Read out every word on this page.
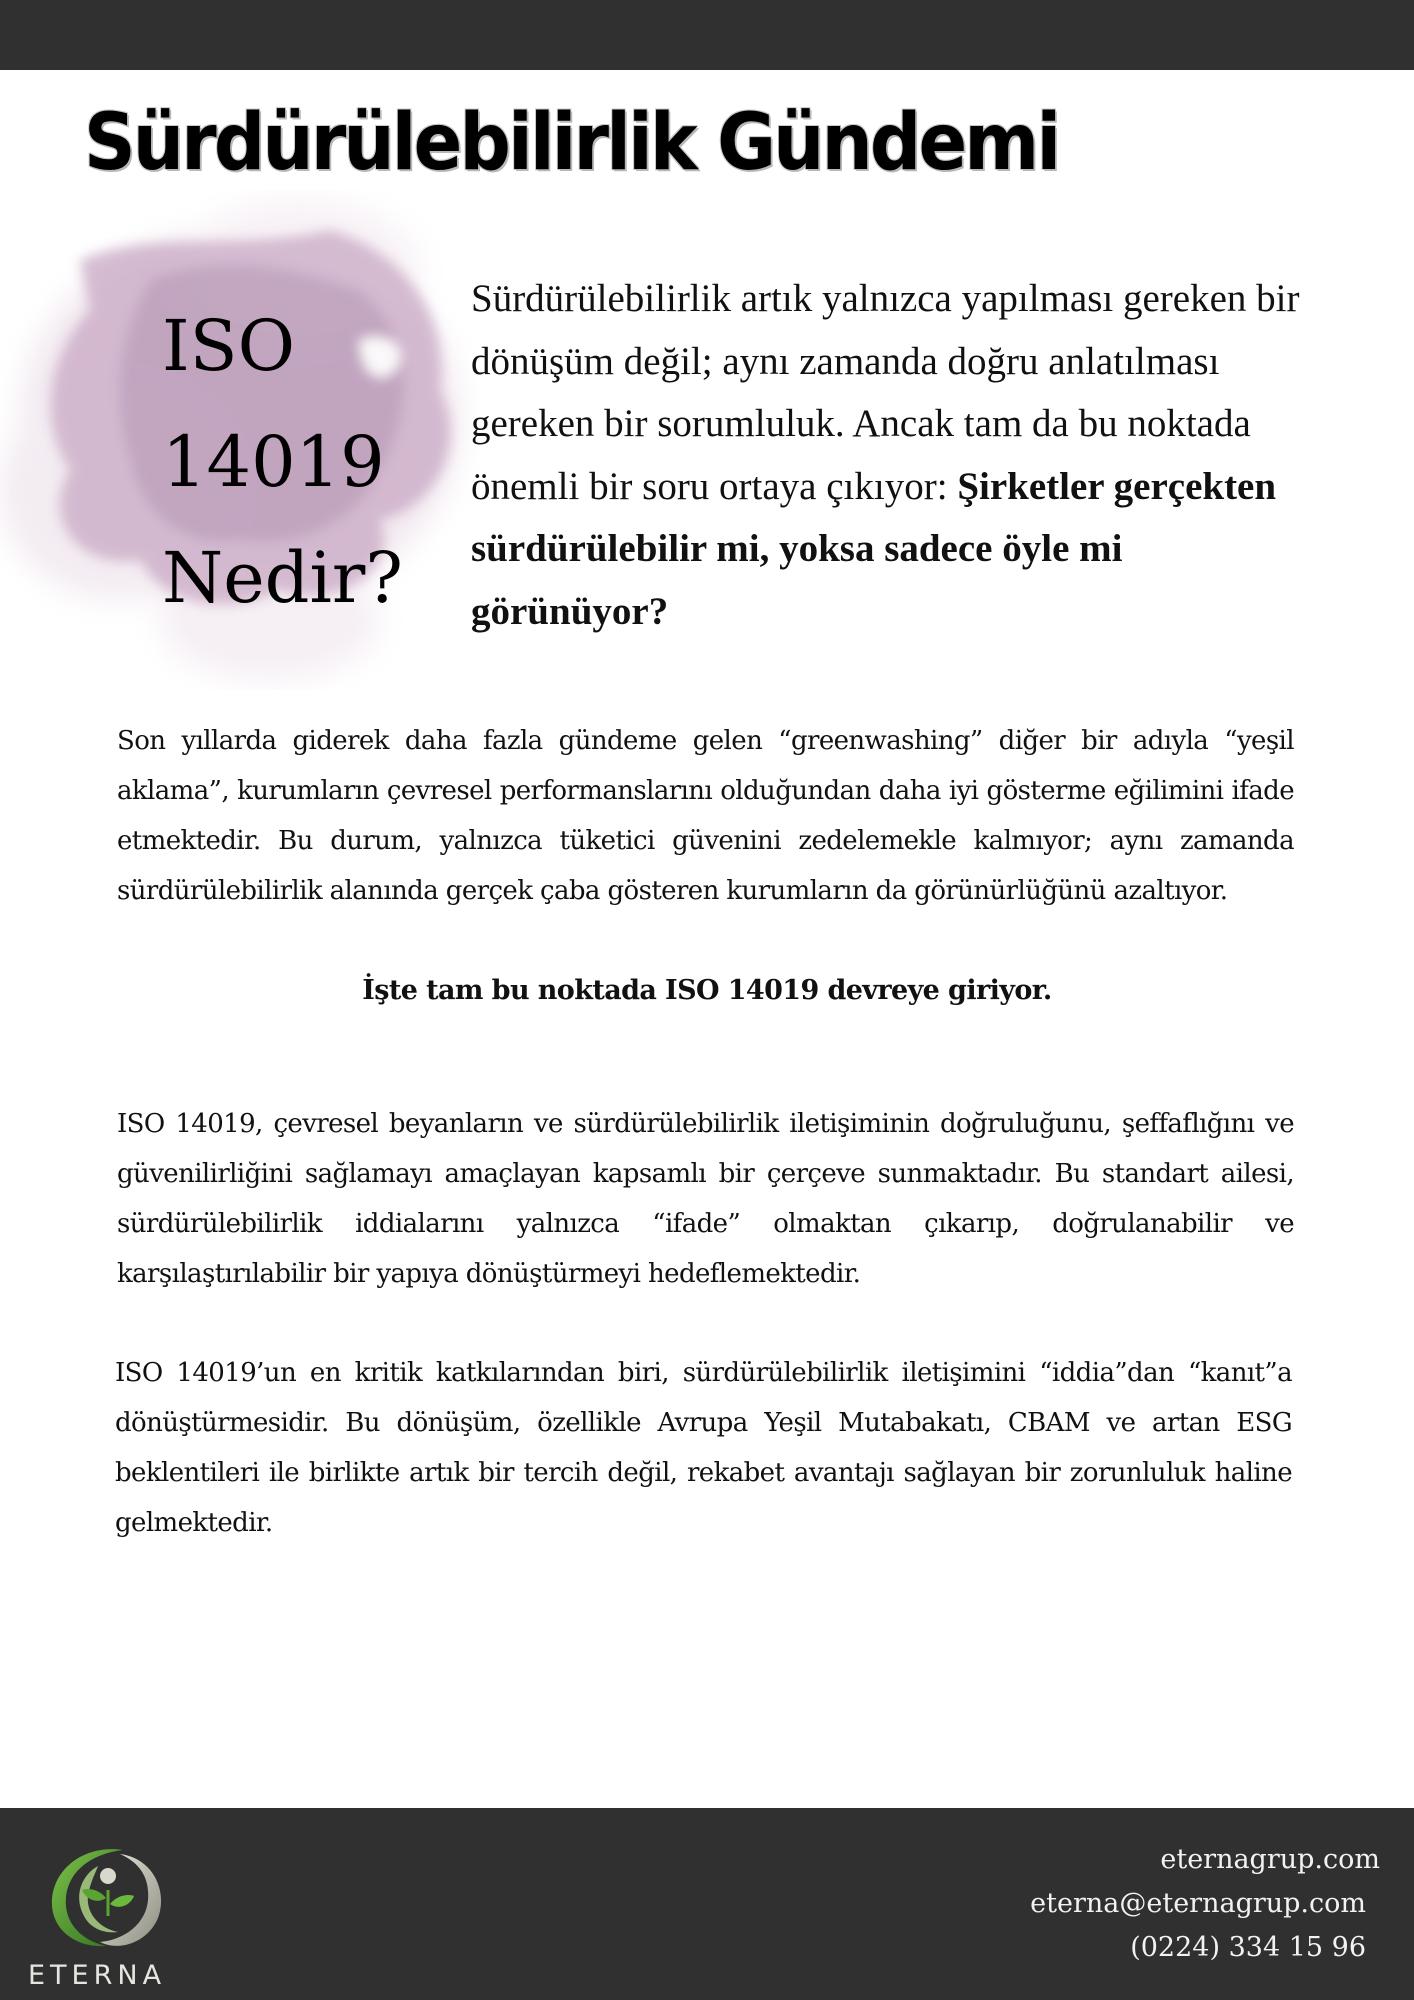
Sürdürülebilirlik Gündemi
ISO
14019
Nedir?
Sürdürülebilirlik artık yalnızca yapılması gereken bir dönüşüm değil; aynı zamanda doğru anlatılması gereken bir sorumluluk. Ancak tam da bu noktada önemli bir soru ortaya çıkıyor: Şirketler gerçekten sürdürülebilir mi, yoksa sadece öyle mi görünüyor?

Son yıllarda giderek daha fazla gündeme gelen “greenwashing” diğer bir adıyla “yeşil aklama”, kurumların çevresel performanslarını olduğundan daha iyi gösterme eğilimini ifade etmektedir. Bu durum, yalnızca tüketici güvenini zedelemekle kalmıyor; aynı zamanda sürdürülebilirlik alanında gerçek çaba gösteren kurumların da görünürlüğünü azaltıyor.

İşte tam bu noktada ISO 14019 devreye giriyor.

ISO 14019, çevresel beyanların ve sürdürülebilirlik iletişiminin doğruluğunu, şeffaflığını ve güvenilirliğini sağlamayı amaçlayan kapsamlı bir çerçeve sunmaktadır. Bu standart ailesi, sürdürülebilirlik iddialarını yalnızca “ifade” olmaktan çıkarıp, doğrulanabilir ve karşılaştırılabilir bir yapıya dönüştürmeyi hedeflemektedir.

ISO 14019’un en kritik katkılarından biri, sürdürülebilirlik iletişimini “iddia”dan “kanıt”a dönüştürmesidir. Bu dönüşüm, özellikle Avrupa Yeşil Mutabakatı, CBAM ve artan ESG beklentileri ile birlikte artık bir tercih değil, rekabet avantajı sağlayan bir zorunluluk haline gelmektedir.

ETERNA
eternagrup.com
eterna@eternagrup.com
(0224) 334 15 96
